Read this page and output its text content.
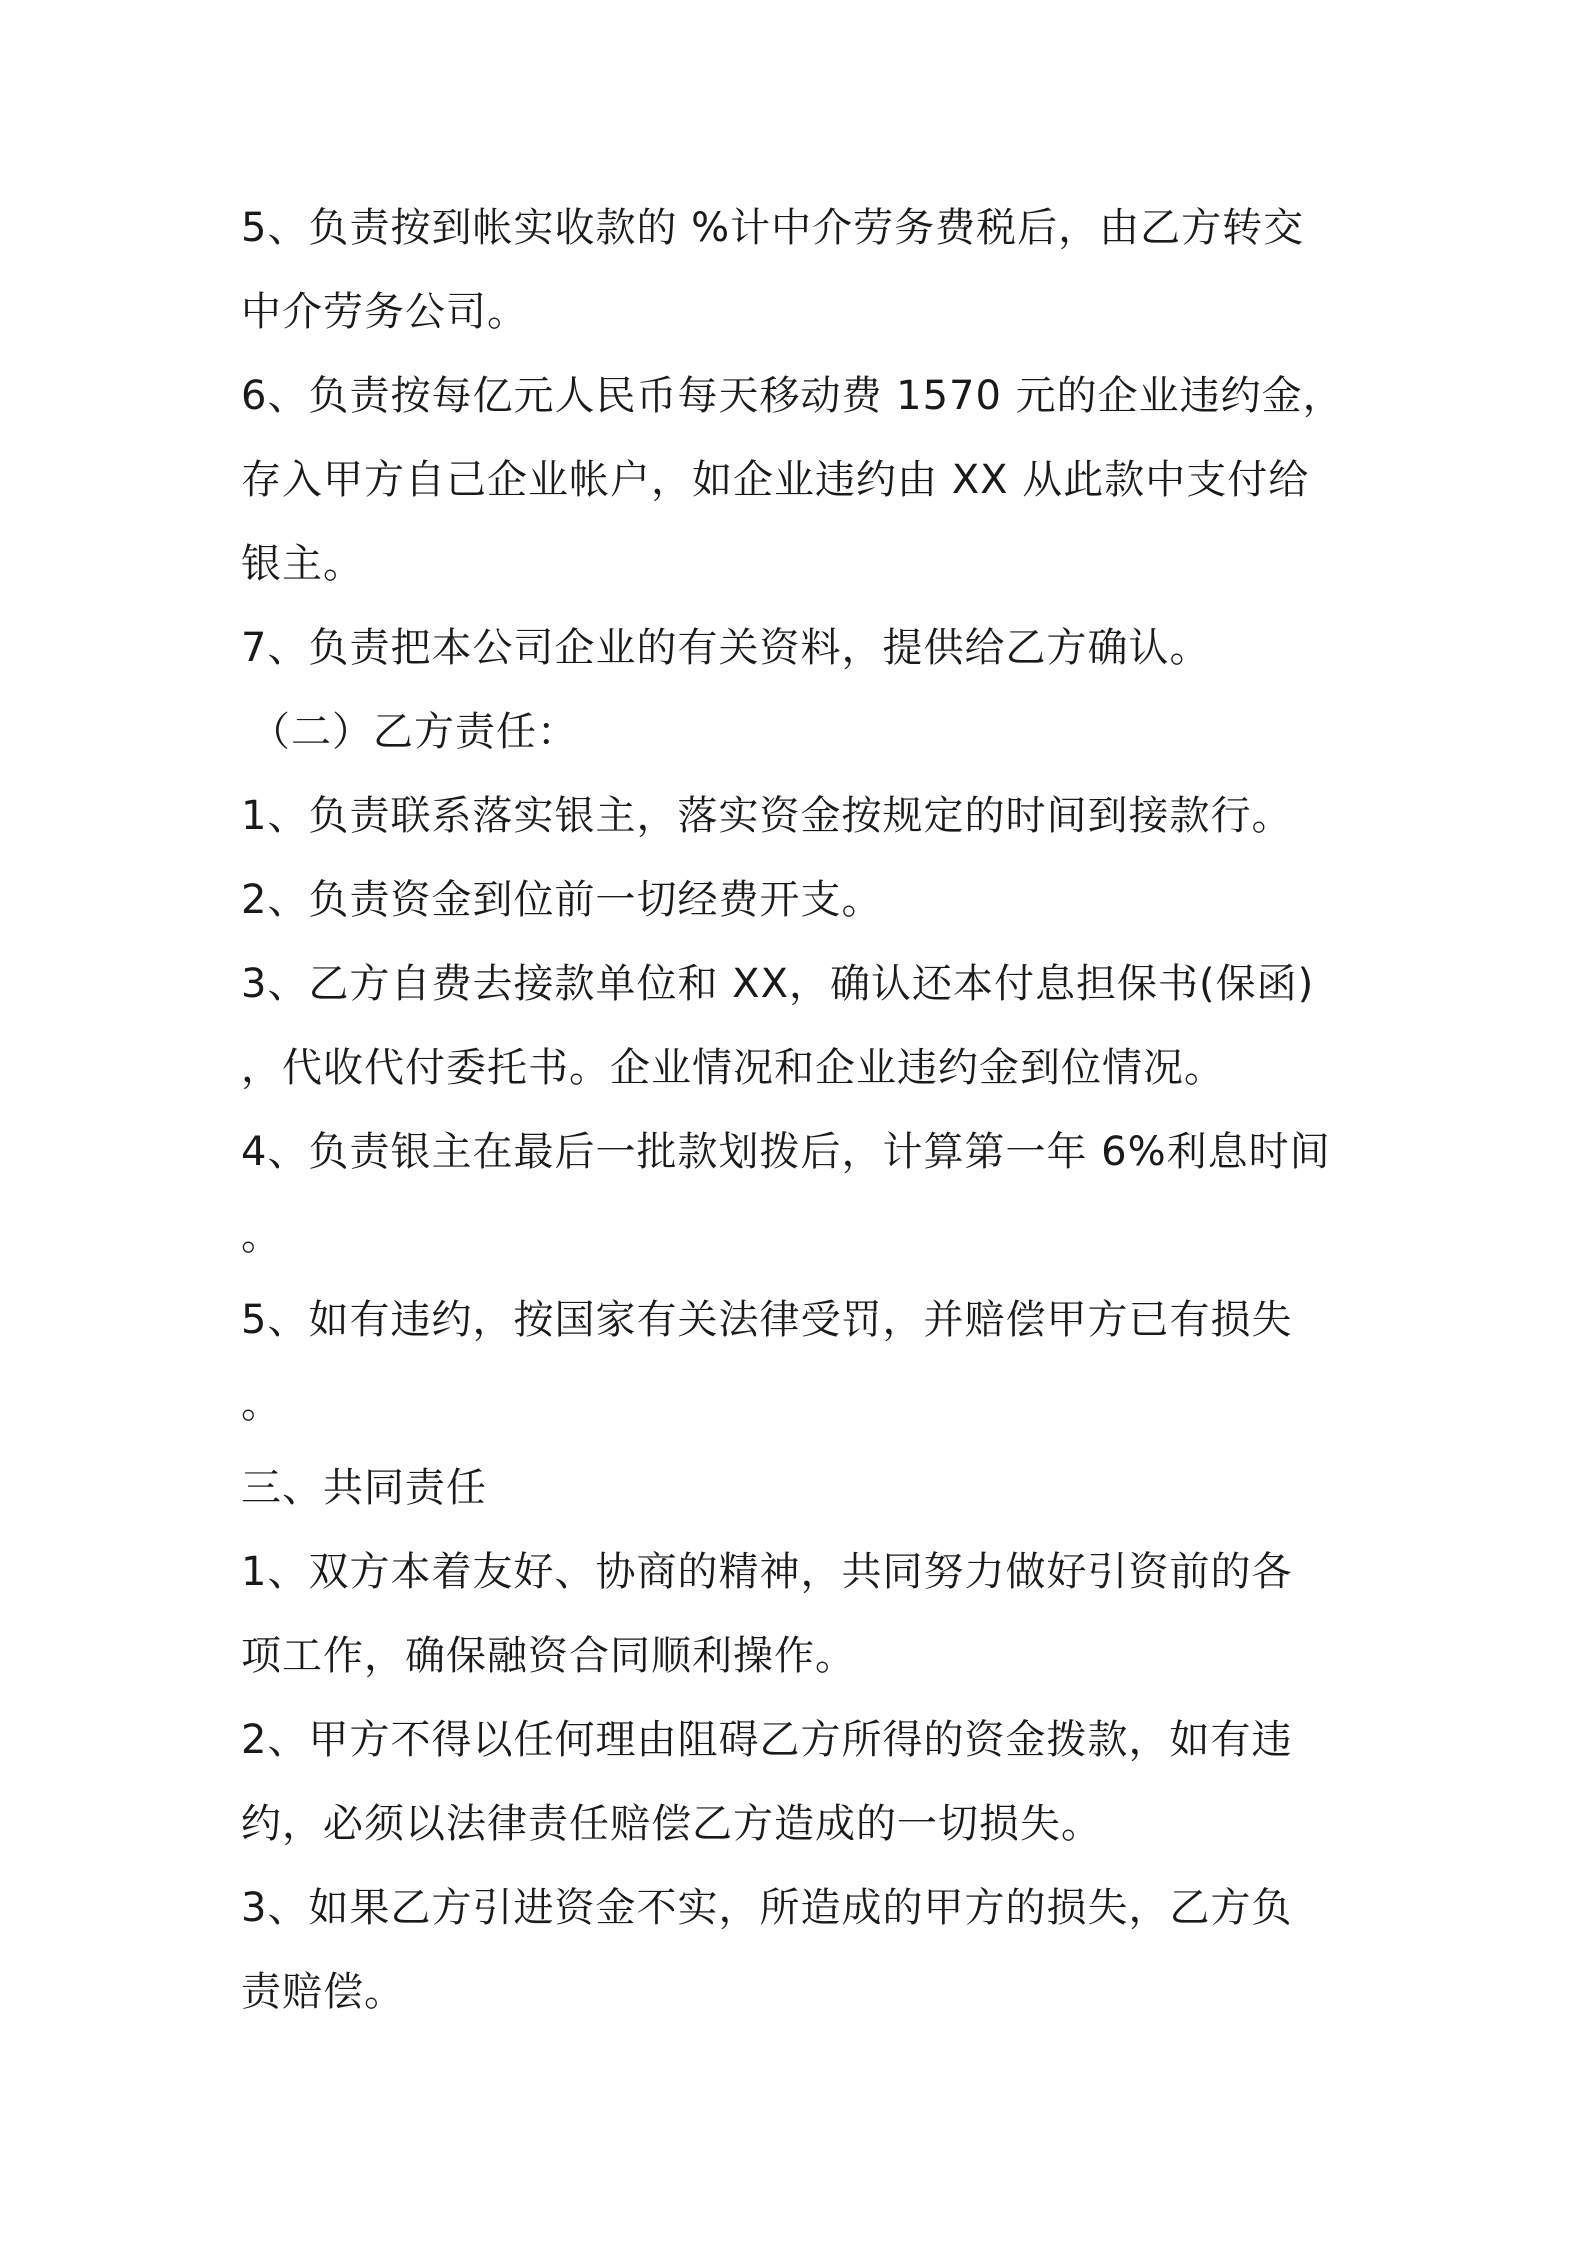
5、负责按到帐实收款的 %计中介劳务费税后，由乙方转交
中介劳务公司。
6、负责按每亿元人民币每天移动费 1570 元的企业违约金，
存入甲方自己企业帐户，如企业违约由 XX 从此款中支付给
银主。
7、负责把本公司企业的有关资料，提供给乙方确认。
（二）乙方责任：
1、负责联系落实银主，落实资金按规定的时间到接款行。
2、负责资金到位前一切经费开支。
3、乙方自费去接款单位和 XX，确认还本付息担保书(保函)
，代收代付委托书。企业情况和企业违约金到位情况。
4、负责银主在最后一批款划拨后，计算第一年 6%利息时间
。
5、如有违约，按国家有关法律受罚，并赔偿甲方已有损失
。
三、共同责任
1、双方本着友好、协商的精神，共同努力做好引资前的各
项工作，确保融资合同顺利操作。
2、甲方不得以任何理由阻碍乙方所得的资金拨款，如有违
约，必须以法律责任赔偿乙方造成的一切损失。
3、如果乙方引进资金不实，所造成的甲方的损失，乙方负
责赔偿。
